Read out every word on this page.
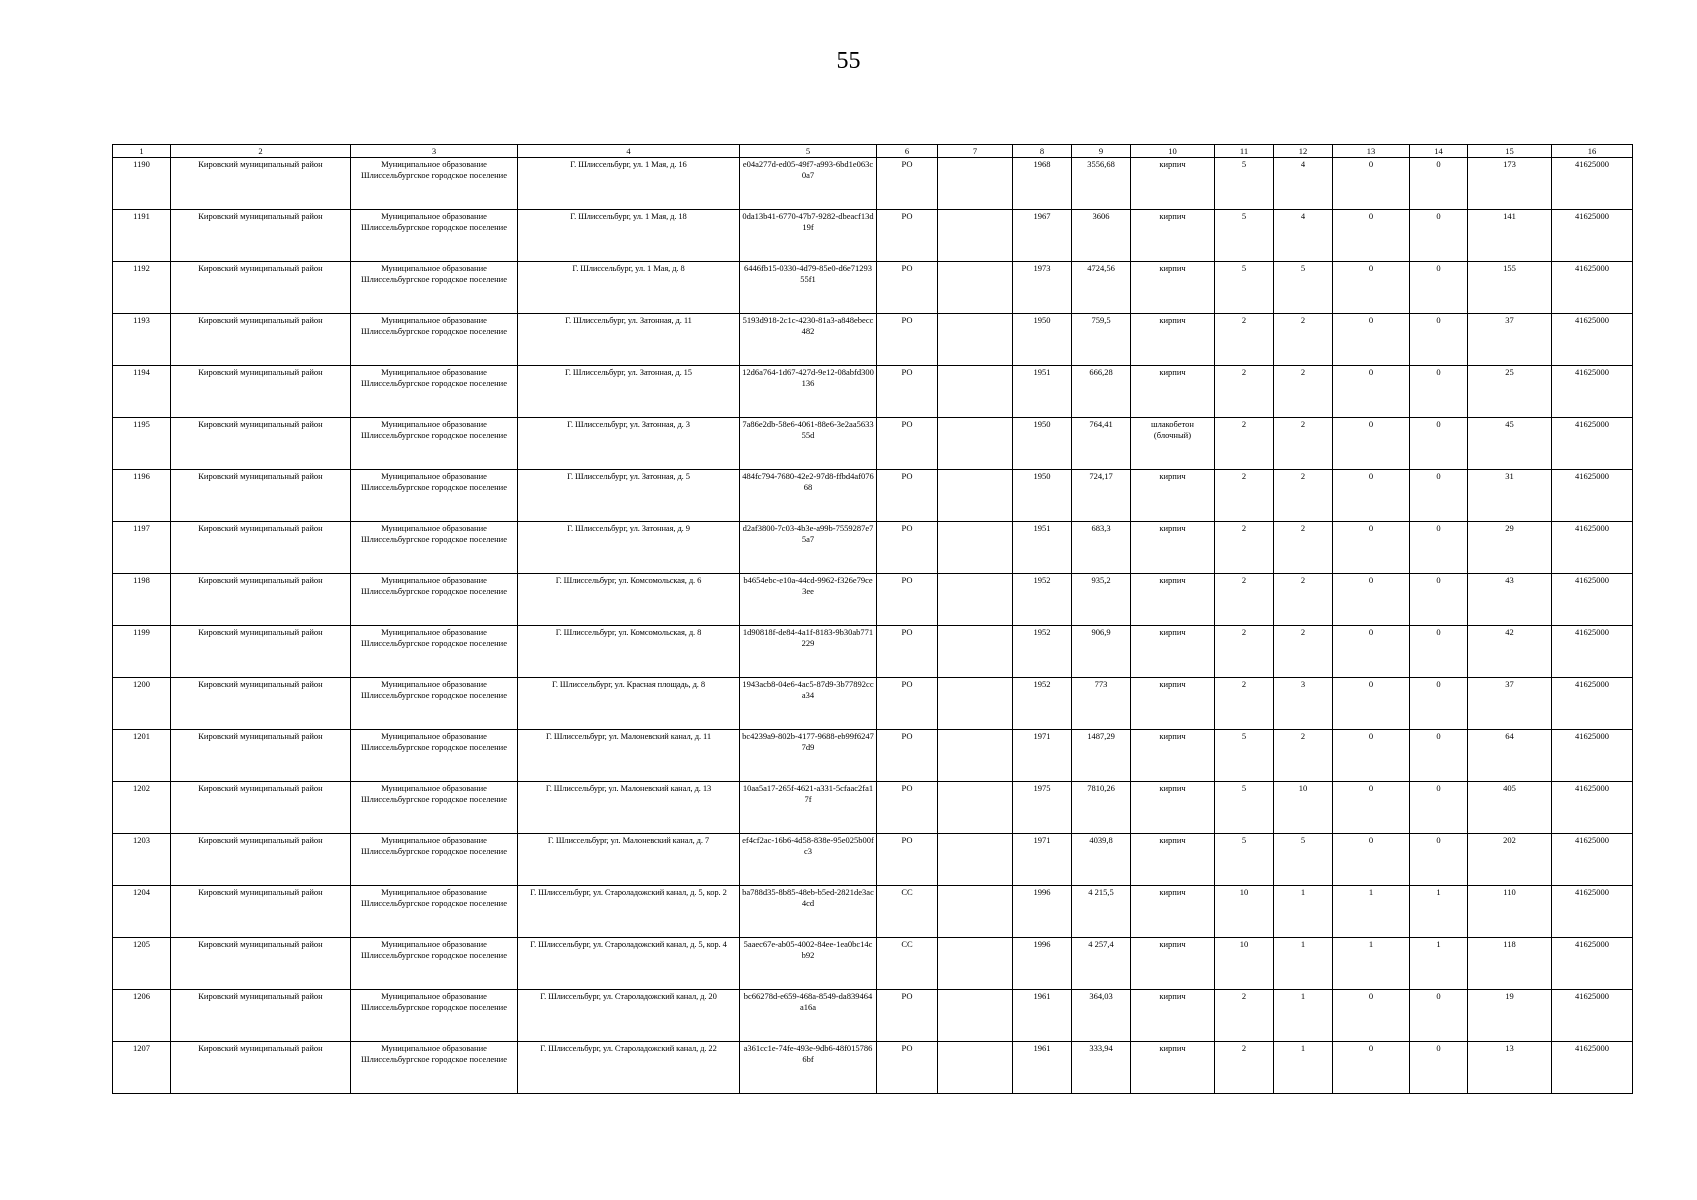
55
1	2	3	4	5	6	7	8	9	10	11	12	13	14	15	16
1190	Кировский муниципальный район	Муниципальное образование Шлиссельбургское городское поселение	Г. Шлиссельбург, ул. 1 Мая, д. 16	e04a277d-ed05-49f7-a993-6bd1e063c0a7	РО		1968	3556,68	кирпич	5	4	0	0	173	41625000
1191	Кировский муниципальный район	Муниципальное образование Шлиссельбургское городское поселение	Г. Шлиссельбург, ул. 1 Мая, д. 18	0da13b41-6770-47b7-9282-dbeacf13d19f	РО		1967	3606	кирпич	5	4	0	0	141	41625000
1192	Кировский муниципальный район	Муниципальное образование Шлиссельбургское городское поселение	Г. Шлиссельбург, ул. 1 Мая, д. 8	6446fb15-0330-4d79-85e0-d6e7129355f1	РО		1973	4724,56	кирпич	5	5	0	0	155	41625000
1193	Кировский муниципальный район	Муниципальное образование Шлиссельбургское городское поселение	Г. Шлиссельбург, ул. Затонная, д. 11	5193d918-2c1c-4230-81a3-a848ebecc482	РО		1950	759,5	кирпич	2	2	0	0	37	41625000
1194	Кировский муниципальный район	Муниципальное образование Шлиссельбургское городское поселение	Г. Шлиссельбург, ул. Затонная, д. 15	12d6a764-1d67-427d-9e12-08abfd300136	РО		1951	666,28	кирпич	2	2	0	0	25	41625000
1195	Кировский муниципальный район	Муниципальное образование Шлиссельбургское городское поселение	Г. Шлиссельбург, ул. Затонная, д. 3	7a86e2db-58e6-4061-88e6-3e2aa563355d	РО		1950	764,41	шлакобетон (блочный)	2	2	0	0	45	41625000
1196	Кировский муниципальный район	Муниципальное образование Шлиссельбургское городское поселение	Г. Шлиссельбург, ул. Затонная, д. 5	484fc794-7680-42e2-97d8-ffbd4af07668	РО		1950	724,17	кирпич	2	2	0	0	31	41625000
1197	Кировский муниципальный район	Муниципальное образование Шлиссельбургское городское поселение	Г. Шлиссельбург, ул. Затонная, д. 9	d2af3800-7c03-4b3e-a99b-7559287e75a7	РО		1951	683,3	кирпич	2	2	0	0	29	41625000
1198	Кировский муниципальный район	Муниципальное образование Шлиссельбургское городское поселение	Г. Шлиссельбург, ул. Комсомольская, д. 6	b4654ebc-e10a-44cd-9962-f326e79ce3ee	РО		1952	935,2	кирпич	2	2	0	0	43	41625000
1199	Кировский муниципальный район	Муниципальное образование Шлиссельбургское городское поселение	Г. Шлиссельбург, ул. Комсомольская, д. 8	1d90818f-de84-4a1f-8183-9b30ab771229	РО		1952	906,9	кирпич	2	2	0	0	42	41625000
1200	Кировский муниципальный район	Муниципальное образование Шлиссельбургское городское поселение	Г. Шлиссельбург, ул. Красная площадь, д. 8	1943acb8-04e6-4ac5-87d9-3b77892cca34	РО		1952	773	кирпич	2	3	0	0	37	41625000
1201	Кировский муниципальный район	Муниципальное образование Шлиссельбургское городское поселение	Г. Шлиссельбург, ул. Малоневский канал, д. 11	bc4239a9-802b-4177-9688-eb99f62477d9	РО		1971	1487,29	кирпич	5	2	0	0	64	41625000
1202	Кировский муниципальный район	Муниципальное образование Шлиссельбургское городское поселение	Г. Шлиссельбург, ул. Малоневский канал, д. 13	10aa5a17-265f-4621-a331-5cfaac2fa17f	РО		1975	7810,26	кирпич	5	10	0	0	405	41625000
1203	Кировский муниципальный район	Муниципальное образование Шлиссельбургское городское поселение	Г. Шлиссельбург, ул. Малоневский канал, д. 7	ef4cf2ac-16b6-4d58-838e-95e025b00fc3	РО		1971	4039,8	кирпич	5	5	0	0	202	41625000
1204	Кировский муниципальный район	Муниципальное образование Шлиссельбургское городское поселение	Г. Шлиссельбург, ул. Староладожский канал, д. 5, кор. 2	ba788d35-8b85-48eb-b5ed-2821de3ac4cd	СС		1996	4 215,5	кирпич	10	1	1	1	110	41625000
1205	Кировский муниципальный район	Муниципальное образование Шлиссельбургское городское поселение	Г. Шлиссельбург, ул. Староладожский канал, д. 5, кор. 4	5aaec67e-ab05-4002-84ee-1ea0bc14cb92	СС		1996	4 257,4	кирпич	10	1	1	1	118	41625000
1206	Кировский муниципальный район	Муниципальное образование Шлиссельбургское городское поселение	Г. Шлиссельбург, ул. Староладожский канал, д. 20	bc66278d-e659-468a-8549-da839464a16a	РО		1961	364,03	кирпич	2	1	0	0	19	41625000
1207	Кировский муниципальный район	Муниципальное образование Шлиссельбургское городское поселение	Г. Шлиссельбург, ул. Староладожский канал, д. 22	a361cc1e-74fe-493e-9db6-48f0157866bf	РО		1961	333,94	кирпич	2	1	0	0	13	41625000
